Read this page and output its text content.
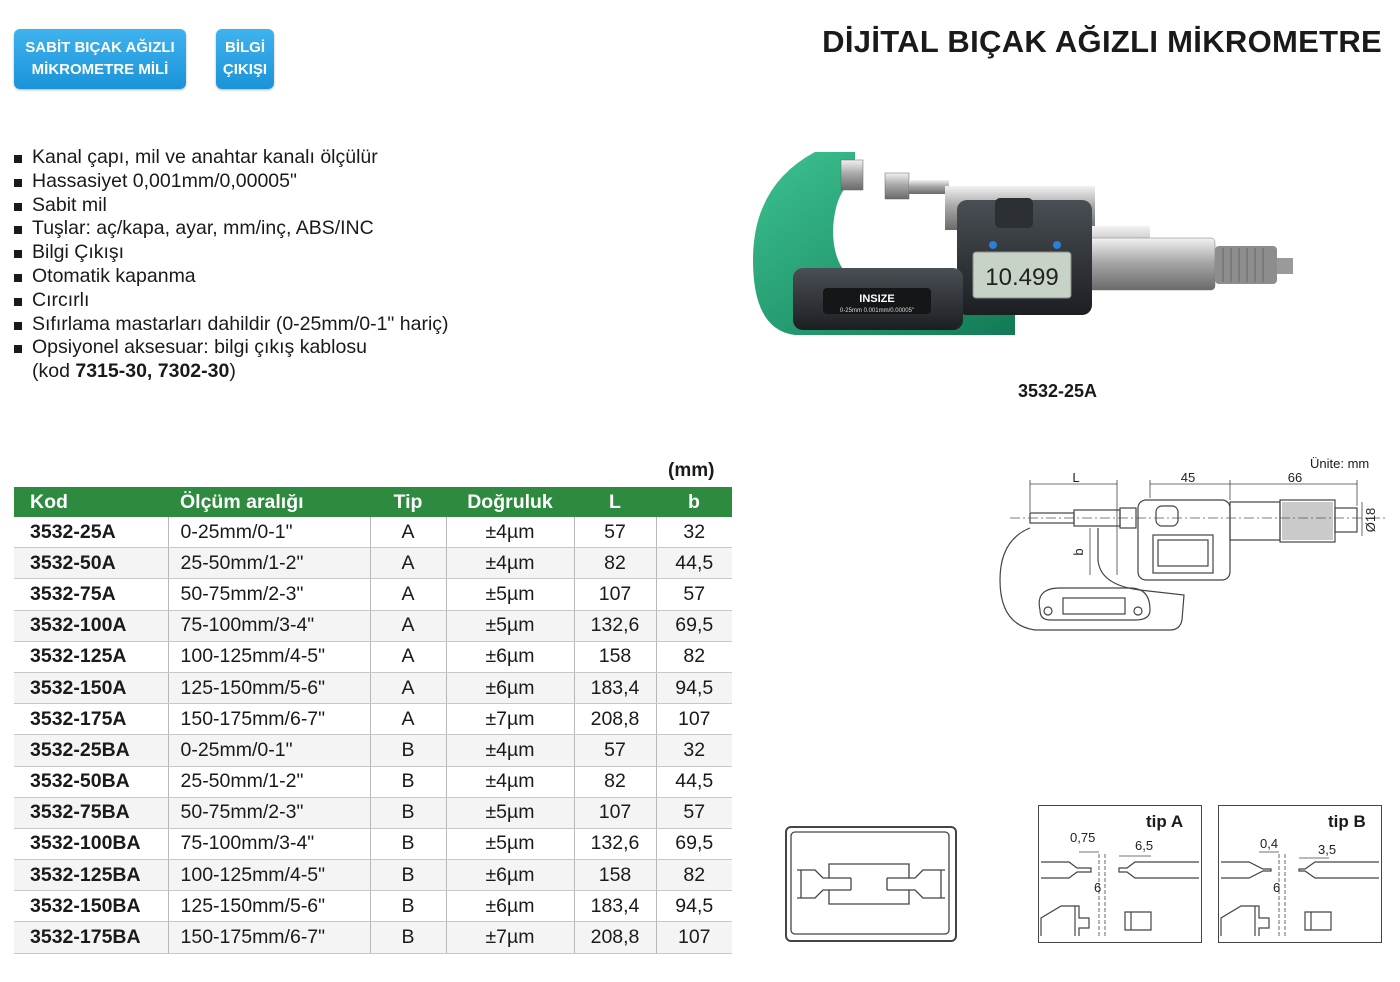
SABİT BIÇAK AĞIZLI
MİKROMETRE MİLİ
BİLGİ
ÇIKIŞI
DİJİTAL BIÇAK AĞIZLI MİKROMETRE
Kanal çapı, mil ve anahtar kanalı ölçülür
Hassasiyet 0,001mm/0,00005"
Sabit mil
Tuşlar: aç/kapa, ayar, mm/inç, ABS/INC
Bilgi Çıkışı
Otomatik kapanma
Cırcırlı
Sıfırlama mastarları dahildir (0-25mm/0-1" hariç)
Opsiyonel aksesuar: bilgi çıkış kablosu
(kod 7315-30, 7302-30)
10.499
INSIZE
0-25mm 0.001mm/0.00005"
3532-25A
(mm)
Kod	Ölçüm aralığı	Tip	Doğruluk	L	b
3532-25A	0-25mm/0-1"	A	±4µm	57	32
3532-50A	25-50mm/1-2"	A	±4µm	82	44,5
3532-75A	50-75mm/2-3"	A	±5µm	107	57
3532-100A	75-100mm/3-4"	A	±5µm	132,6	69,5
3532-125A	100-125mm/4-5"	A	±6µm	158	82
3532-150A	125-150mm/5-6"	A	±6µm	183,4	94,5
3532-175A	150-175mm/6-7"	A	±7µm	208,8	107
3532-25BA	0-25mm/0-1"	B	±4µm	57	32
3532-50BA	25-50mm/1-2"	B	±4µm	82	44,5
3532-75BA	50-75mm/2-3"	B	±5µm	107	57
3532-100BA	75-100mm/3-4"	B	±5µm	132,6	69,5
3532-125BA	100-125mm/4-5"	B	±6µm	158	82
3532-150BA	125-150mm/5-6"	B	±6µm	183,4	94,5
3532-175BA	150-175mm/6-7"	B	±7µm	208,8	107
Ünite: mm
L	45	66
Ø18
b
tip A
0,75
6,5
6
tip B
0,4	3,5
6
